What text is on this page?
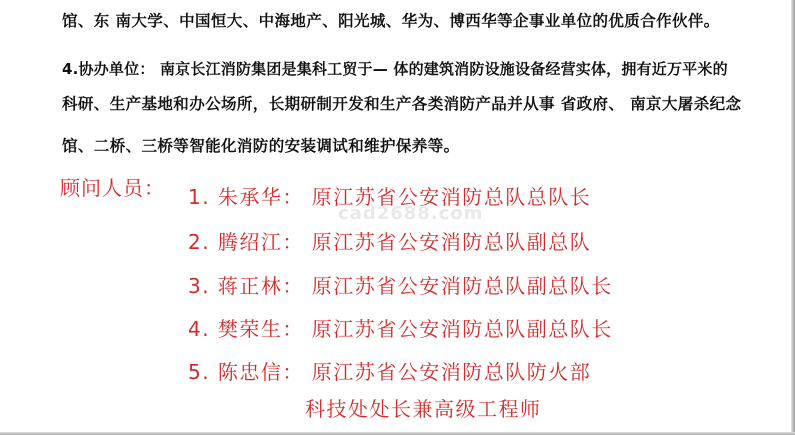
馆、东 南大学、中国恒大、中海地产、阳光城、华为、博西华等企事业单位的优质合作伙伴。
4.协办单位： 南京长江消防集团是集科工贸于— 体的建筑消防设施设备经营实体，拥有近万平米的
科研、生产基地和办公场所，长期研制开发和生产各类消防产品并从事 省政府、 南京大屠杀纪念
馆、二桥、三桥等智能化消防的安装调试和维护保养等。
顾问人员： 1. 朱承华： 原江苏省公安消防总队总队长
2. 腾绍江： 原江苏省公安消防总队副总队
3. 蒋正林： 原江苏省公安消防总队副总队长
4. 樊荣生： 原江苏省公安消防总队副总队长
5. 陈忠信： 原江苏省公安消防总队防火部
科技处处长兼高级工程师
cad2688.com
